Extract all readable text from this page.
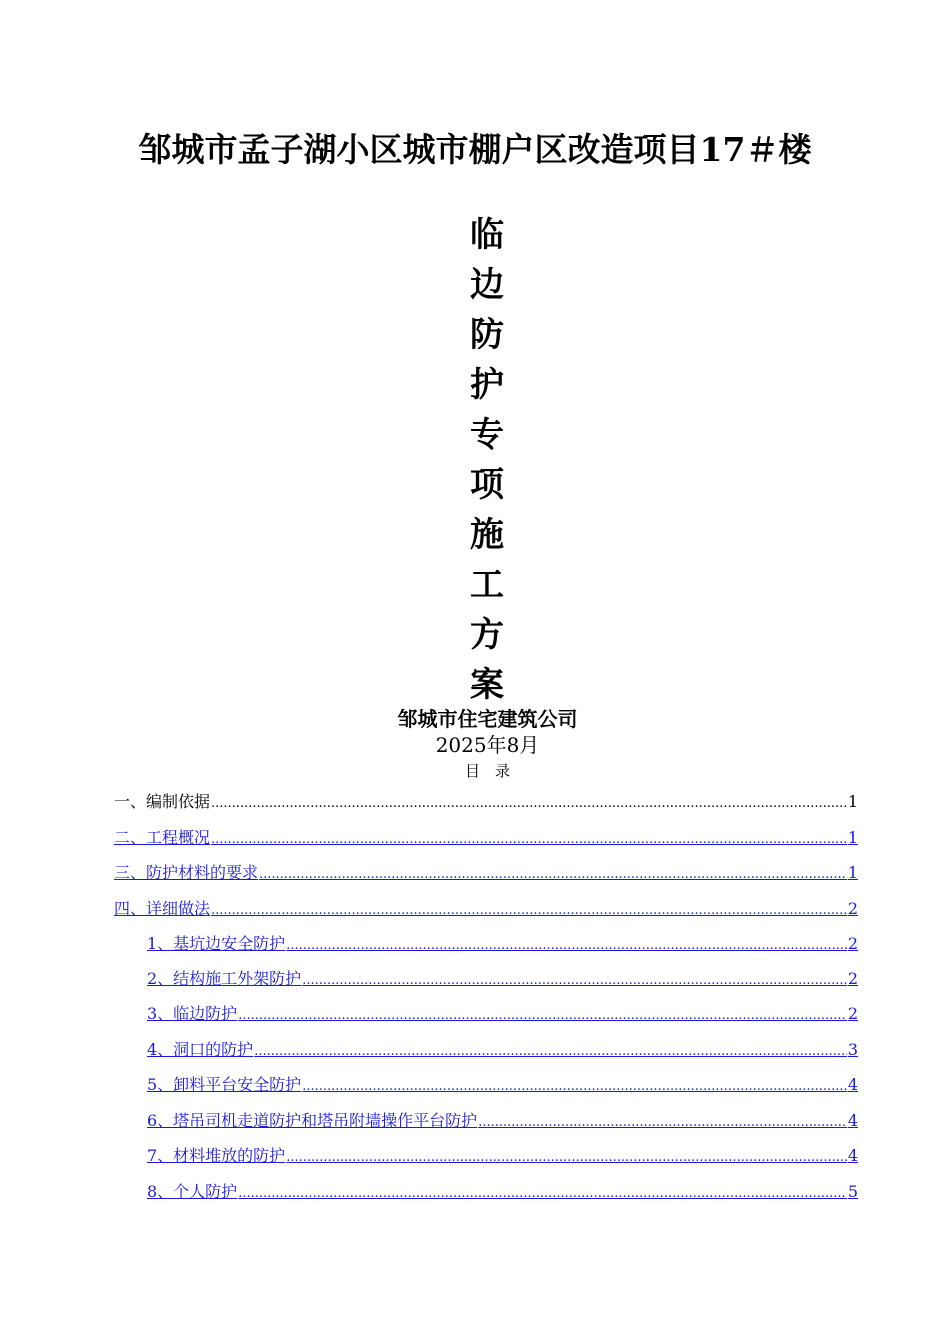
邹城市孟子湖小区城市棚户区改造项目17＃楼
临
边
防
护
专
项
施
工
方
案
邹城市住宅建筑公司
2025年8月
目　录
一、编制依据 .....	1
二、工程概况 .....	1
三、防护材料的要求 .....	1
四、详细做法 .....	2
1、基坑边安全防护 .....	2
2、结构施工外架防护 .....	2
3、临边防护 .....	2
4、洞口的防护 .....	3
5、卸料平台安全防护 .....	4
6、塔吊司机走道防护和塔吊附墙操作平台防护 .....	4
7、材料堆放的防护 .....	4
8、个人防护 .....	5
